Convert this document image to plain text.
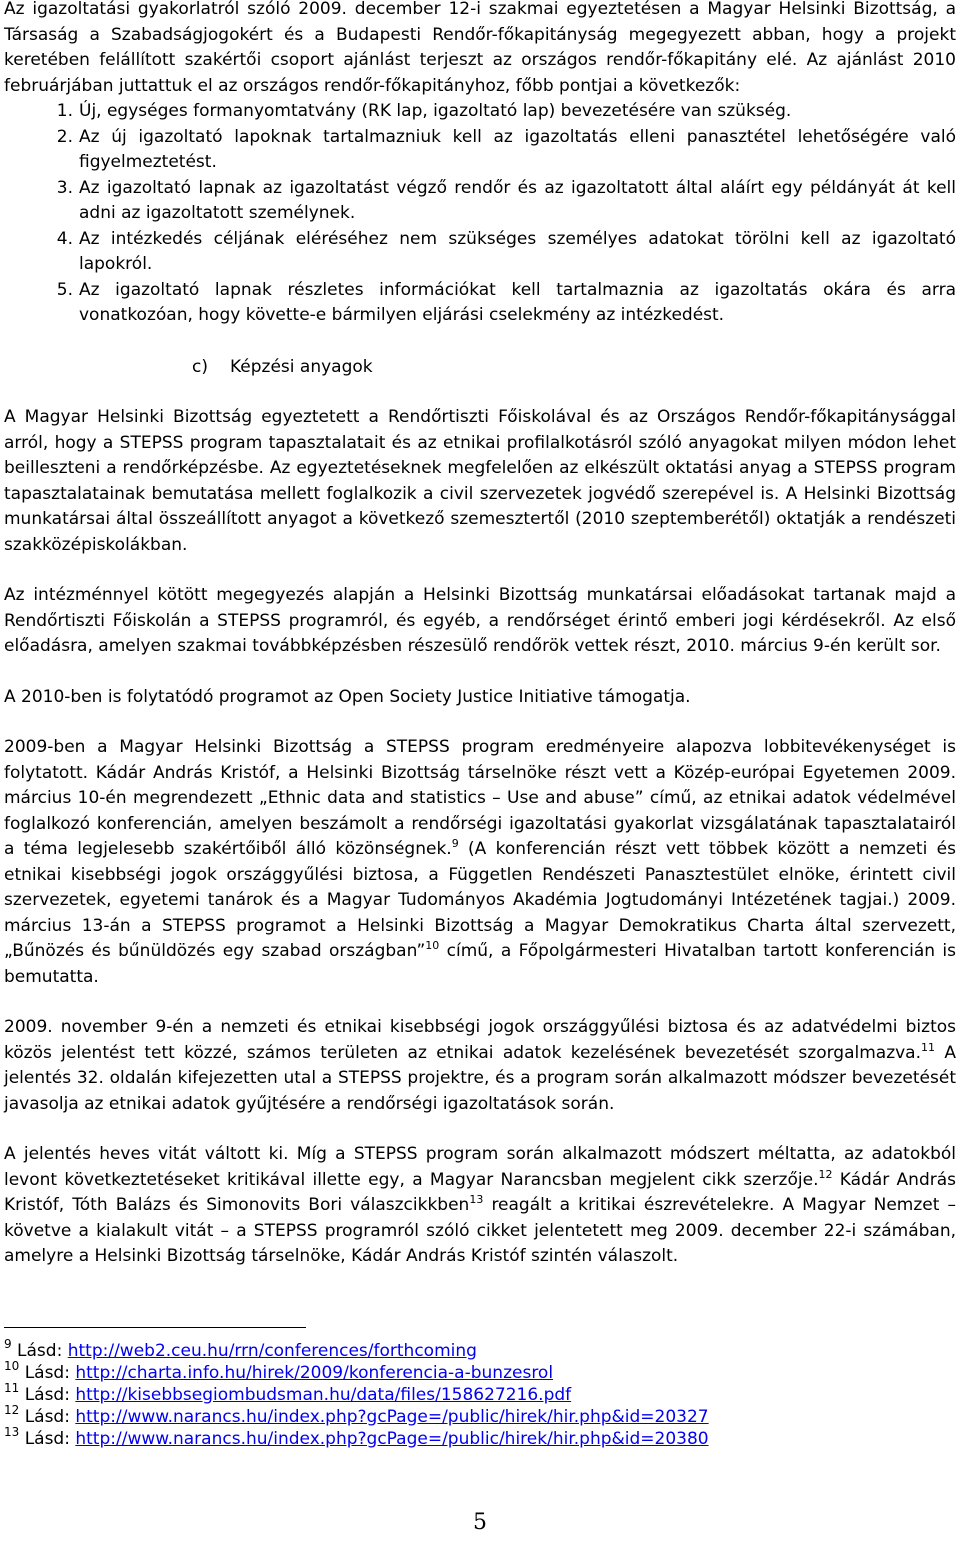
Az igazoltatási gyakorlatról szóló 2009. december 12-i szakmai egyeztetésen a Magyar Helsinki Bizottság, a Társaság a Szabadságjogokért és a Budapesti Rendőr-főkapitányság megegyezett abban, hogy a projekt keretében felállított szakértői csoport ajánlást terjeszt az országos rendőr-főkapitány elé. Az ajánlást 2010 februárjában juttattuk el az országos rendőr-főkapitányhoz, főbb pontjai a következők:

1. Új, egységes formanyomtatvány (RK lap, igazoltató lap) bevezetésére van szükség.
2. Az új igazoltató lapoknak tartalmazniuk kell az igazoltatás elleni panasztétel lehetőségére való figyelmeztetést.
3. Az igazoltató lapnak az igazoltatást végző rendőr és az igazoltatott által aláírt egy példányát át kell adni az igazoltatott személynek.
4. Az intézkedés céljának eléréséhez nem szükséges személyes adatokat törölni kell az igazoltató lapokról.
5. Az igazoltató lapnak részletes információkat kell tartalmaznia az igazoltatás okára és arra vonatkozóan, hogy követte-e bármilyen eljárási cselekmény az intézkedést.
c) Képzési anyagok

A Magyar Helsinki Bizottság egyeztetett a Rendőrtiszti Főiskolával és az Országos Rendőr-főkapitánysággal arról, hogy a STEPSS program tapasztalatait és az etnikai profilalkotásról szóló anyagokat milyen módon lehet beilleszteni a rendőrképzésbe. Az egyeztetéseknek megfelelően az elkészült oktatási anyag a STEPSS program tapasztalatainak bemutatása mellett foglalkozik a civil szervezetek jogvédő szerepével is. A Helsinki Bizottság munkatársai által összeállított anyagot a következő szemesztertől (2010 szeptemberétől) oktatják a rendészeti szakközépiskolákban.

Az intézménnyel kötött megegyezés alapján a Helsinki Bizottság munkatársai előadásokat tartanak majd a Rendőrtiszti Főiskolán a STEPSS programról, és egyéb, a rendőrséget érintő emberi jogi kérdésekről. Az első előadásra, amelyen szakmai továbbképzésben részesülő rendőrök vettek részt, 2010. március 9-én került sor.

A 2010-ben is folytatódó programot az Open Society Justice Initiative támogatja.

2009-ben a Magyar Helsinki Bizottság a STEPSS program eredményeire alapozva lobbitevékenységet is folytatott. Kádár András Kristóf, a Helsinki Bizottság társelnöke részt vett a Közép-európai Egyetemen 2009. március 10-én megrendezett „Ethnic data and statistics – Use and abuse” című, az etnikai adatok védelmével foglalkozó konferencián, amelyen beszámolt a rendőrségi igazoltatási gyakorlat vizsgálatának tapasztalatairól a téma legjelesebb szakértőiből álló közönségnek.$^9$ (A konferencián részt vett többek között a nemzeti és etnikai kisebbségi jogok országgyűlési biztosa, a Független Rendészeti Panasztestület elnöke, érintett civil szervezetek, egyetemi tanárok és a Magyar Tudományos Akadémia Jogtudományi Intézetének tagjai.) 2009. március 13-án a STEPSS programot a Helsinki Bizottság a Magyar Demokratikus Charta által szervezett, „Bűnözés és bűnüldözés egy szabad országban”$^{10}$ című, a Főpolgármesteri Hivatalban tartott konferencián is bemutatta.

2009. november 9-én a nemzeti és etnikai kisebbségi jogok országgyűlési biztosa és az adatvédelmi biztos közös jelentést tett közzé, számos területen az etnikai adatok kezelésének bevezetését szorgalmazva.$^{11}$ A jelentés 32. oldalán kifejezetten utal a STEPSS projektre, és a program során alkalmazott módszer bevezetését javasolja az etnikai adatok gyűjtésére a rendőrségi igazoltatások során.

A jelentés heves vitát váltott ki. Míg a STEPSS program során alkalmazott módszert méltatta, az adatokból levont következtetéseket kritikával illette egy, a Magyar Narancsban megjelent cikk szerzője.$^{12}$ Kádár András Kristóf, Tóth Balázs és Simonovits Bori válaszcikkben$^{13}$ reagált a kritikai észrevételekre. A Magyar Nemzet – követve a kialakult vitát – a STEPSS programról szóló cikket jelentetett meg 2009. december 22-i számában, amelyre a Helsinki Bizottság társelnöke, Kádár András Kristóf szintén válaszolt.

$^9$ Lásd: http://web2.ceu.hu/rrn/conferences/forthcoming
$^{10}$ Lásd: http://charta.info.hu/hirek/2009/konferencia-a-bunzesrol
$^{11}$ Lásd: http://kisebbsegiombudsman.hu/data/files/158627216.pdf
$^{12}$ Lásd: http://www.narancs.hu/index.php?gcPage=/public/hirek/hir.php&id=20327
$^{13}$ Lásd: http://www.narancs.hu/index.php?gcPage=/public/hirek/hir.php&id=20380
5
